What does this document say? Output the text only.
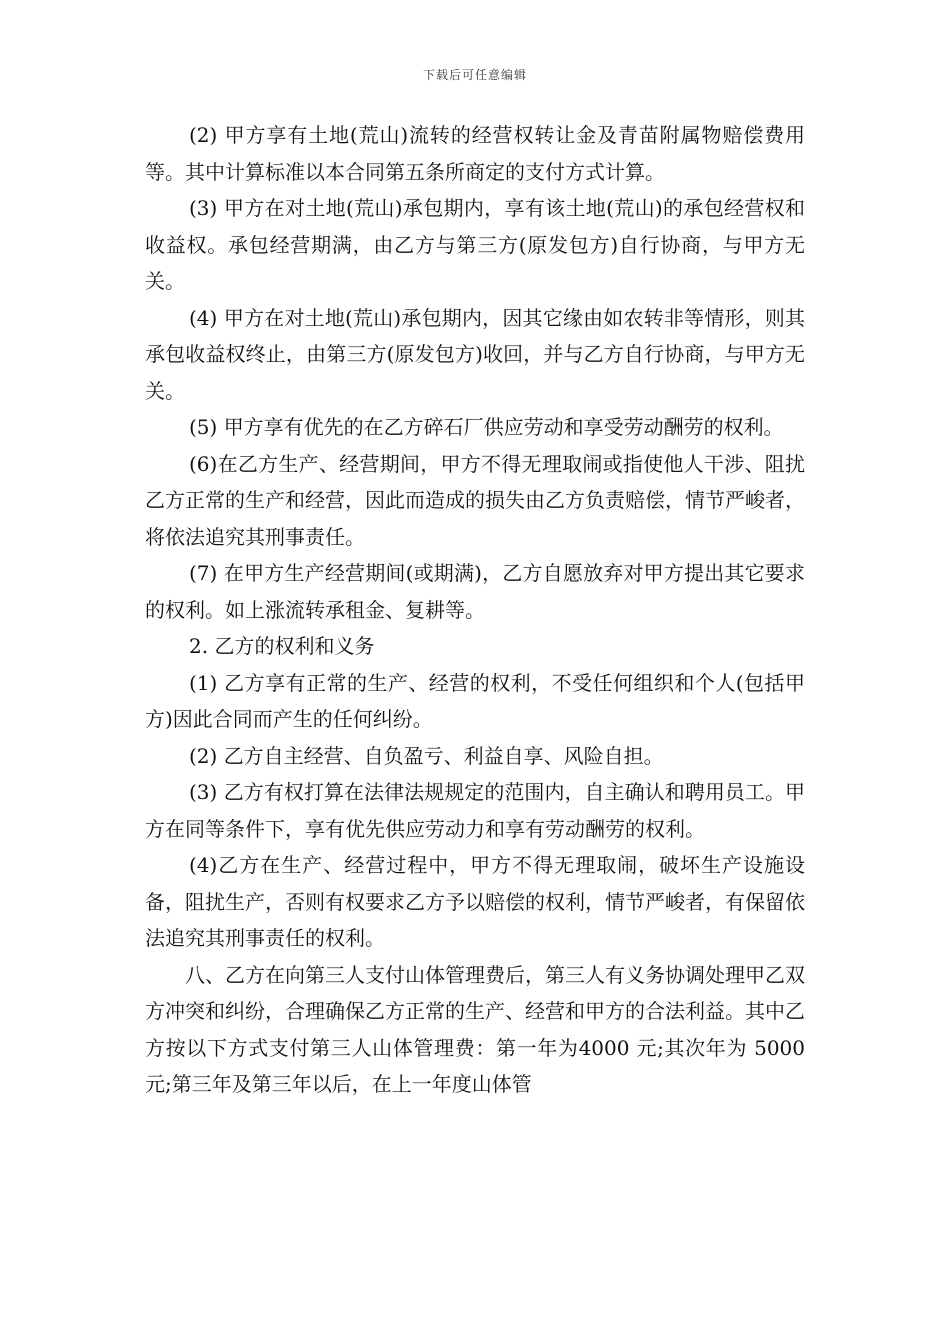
下载后可任意编辑

(2) 甲方享有土地(荒山)流转的经营权转让金及青苗附属物赔偿费用等。其中计算标准以本合同第五条所商定的支付方式计算。

(3) 甲方在对土地(荒山)承包期内，享有该土地(荒山)的承包经营权和收益权。承包经营期满，由乙方与第三方(原发包方)自行协商，与甲方无关。

(4) 甲方在对土地(荒山)承包期内，因其它缘由如农转非等情形，则其承包收益权终止，由第三方(原发包方)收回，并与乙方自行协商，与甲方无关。

(5) 甲方享有优先的在乙方碎石厂供应劳动和享受劳动酬劳的权利。

(6)在乙方生产、经营期间，甲方不得无理取闹或指使他人干涉、阻扰乙方正常的生产和经营，因此而造成的损失由乙方负责赔偿，情节严峻者，将依法追究其刑事责任。

(7) 在甲方生产经营期间(或期满)，乙方自愿放弃对甲方提出其它要求的权利。如上涨流转承租金、复耕等。

2. 乙方的权利和义务

(1) 乙方享有正常的生产、经营的权利，不受任何组织和个人(包括甲方)因此合同而产生的任何纠纷。

(2) 乙方自主经营、自负盈亏、利益自享、风险自担。

(3) 乙方有权打算在法律法规规定的范围内，自主确认和聘用员工。甲方在同等条件下，享有优先供应劳动力和享有劳动酬劳的权利。

(4)乙方在生产、经营过程中，甲方不得无理取闹，破坏生产设施设备，阻扰生产，否则有权要求乙方予以赔偿的权利，情节严峻者，有保留依法追究其刑事责任的权利。

八、乙方在向第三人支付山体管理费后，第三人有义务协调处理甲乙双方冲突和纠纷，合理确保乙方正常的生产、经营和甲方的合法利益。其中乙方按以下方式支付第三人山体管理费：第一年为4000 元;其次年为 5000 元;第三年及第三年以后，在上一年度山体管
